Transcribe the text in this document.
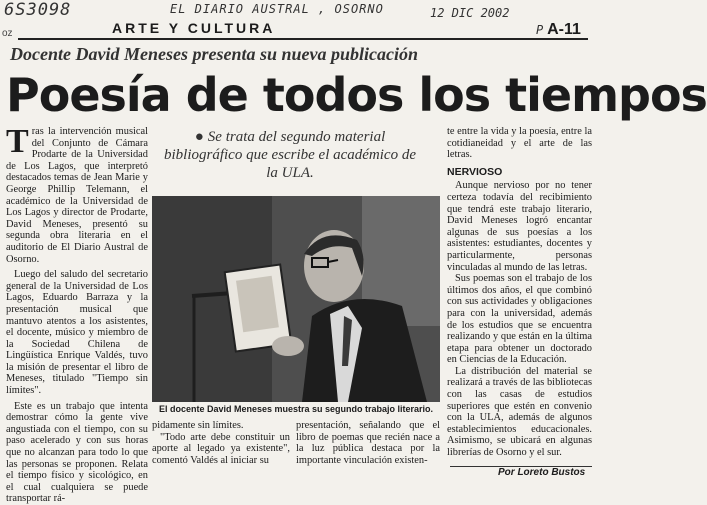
6S3098	EL DIARIO AUSTRAL , OSORNO	12 DIC 2002
oz	ARTE Y CULTURA	P A-11
Docente David Meneses presenta su nueva publicación
Poesía de todos los tiempos

Tras la intervención musical del Conjunto de Cámara Prodarte de la Universidad de Los Lagos, que interpretó destacados temas de Jean Marie y George Phillip Telemann, el académico de la Universidad de Los Lagos y director de Prodarte, David Meneses, presentó su segunda obra literaria en el auditorio de El Diario Austral de Osorno.

Luego del saludo del secretario general de la Universidad de Los Lagos, Eduardo Barraza y la presentación musical que mantuvo atentos a los asistentes, el docente, músico y miembro de la Sociedad Chilena de Lingüística Enrique Valdés, tuvo la misión de presentar el libro de Meneses, titulado "Tiempo sin límites".

Este es un trabajo que intenta demostrar cómo la gente vive angustiada con el tiempo, con su paso acelerado y con sus horas que no alcanzan para todo lo que las personas se proponen. Relata el tiempo físico y sicológico, en el cual cualquiera se puede transportar rá-

● Se trata del segundo material bibliográfico que escribe el académico de la ULA.
El docente David Meneses muestra su segundo trabajo literario.

pidamente sin límites.

"Todo arte debe constituir un aporte al legado ya existente", comentó Valdés al iniciar su

presentación, señalando que el libro de poemas que recién nace a la luz pública destaca por la importante vinculación existen-

te entre la vida y la poesía, entre la cotidianeidad y el arte de las letras.

NERVIOSO

Aunque nervioso por no tener certeza todavía del recibimiento que tendrá este trabajo literario, David Meneses logró encantar algunas de sus poesías a los asistentes: estudiantes, docentes y particularmente, personas vinculadas al mundo de las letras.

Sus poemas son el trabajo de los últimos dos años, el que combinó con sus actividades y obligaciones para con la universidad, además de los estudios que se encuentra realizando y que están en la última etapa para obtener un doctorado en Ciencias de la Educación.

La distribución del material se realizará a través de las bibliotecas con las casas de estudios superiores que estén en convenio con la ULA, además de algunos establecimientos educacionales. Asimismo, se ubicará en algunas librerías de Osorno y el sur.

Por Loreto Bustos
